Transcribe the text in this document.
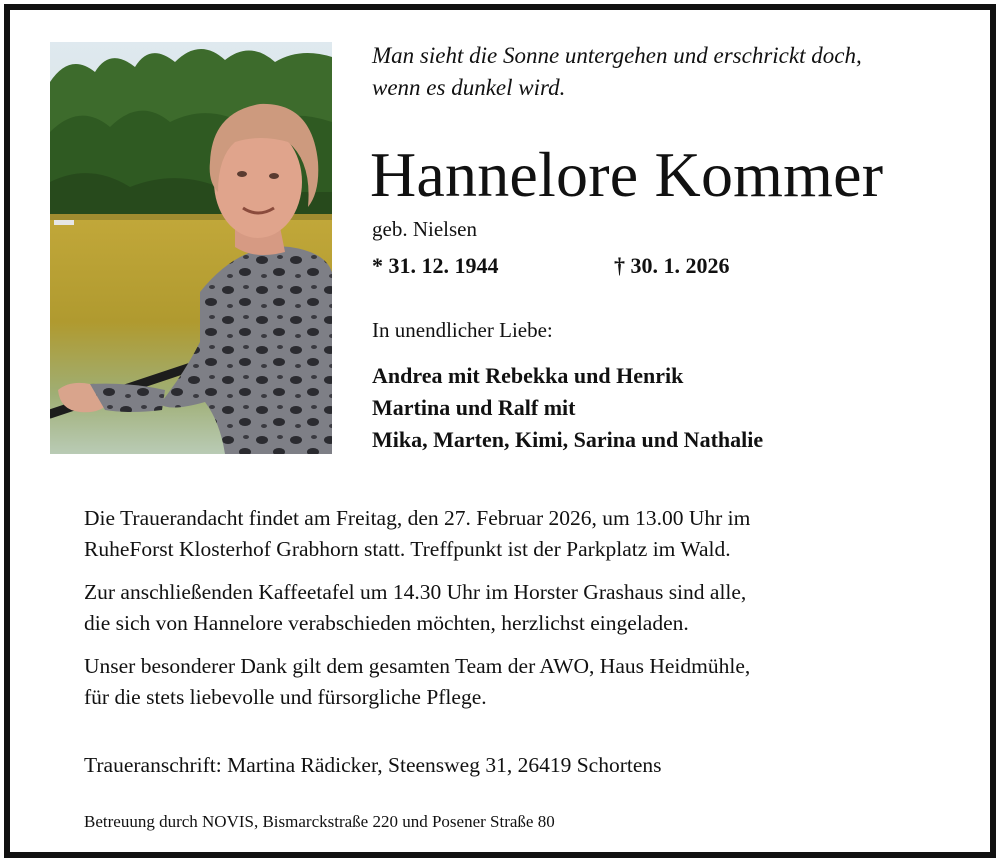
Man sieht die Sonne untergehen und erschrickt doch,
wenn es dunkel wird.
Hannelore Kommer
geb. Nielsen
* 31. 12. 1944	† 30. 1. 2026
In unendlicher Liebe:
Andrea mit Rebekka und Henrik
Martina und Ralf mit
Mika, Marten, Kimi, Sarina und Nathalie
Die Trauerandacht findet am Freitag, den 27. Februar 2026, um 13.00 Uhr im
RuheForst Klosterhof Grabhorn statt. Treffpunkt ist der Parkplatz im Wald.
Zur anschließenden Kaffeetafel um 14.30 Uhr im Horster Grashaus sind alle,
die sich von Hannelore verabschieden möchten, herzlichst eingeladen.
Unser besonderer Dank gilt dem gesamten Team der AWO, Haus Heidmühle,
für die stets liebevolle und fürsorgliche Pflege.
Traueranschrift: Martina Rädicker, Steensweg 31, 26419 Schortens
Betreuung durch NOVIS, Bismarckstraße 220 und Posener Straße 80
